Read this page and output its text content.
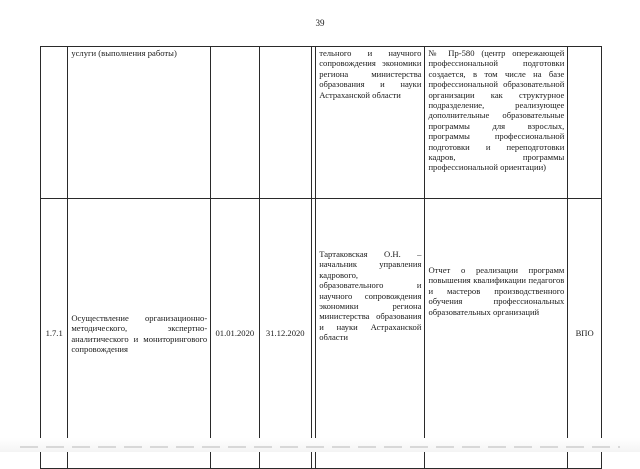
39
	услуги (выполнения работы)				тельного и научного сопровождения экономики региона министерства образования и науки Астраханской области	№ Пр-580 (центр опережающей профессиональной подготовки создается, в том числе на базе профессиональной образовательной организации как структурное подразделение, реализующее дополнительные образовательные программы для взрослых, программы профессиональной подготовки и переподготовки кадров, программы профессиональной ориентации)	
1.7.1	Осуществление организационно-методического, экспертно-аналитического и мониторингового сопровождения	01.01.2020	31.12.2020		Тартаковская О.Н. – начальник управления кадрового, образовательного и научного сопровождения экономики региона министерства образования и науки Астраханской области	Отчет о реализации программ повышения квалификации педагогов и мастеров производственного обучения профессиональных образовательных организаций	ВПО
